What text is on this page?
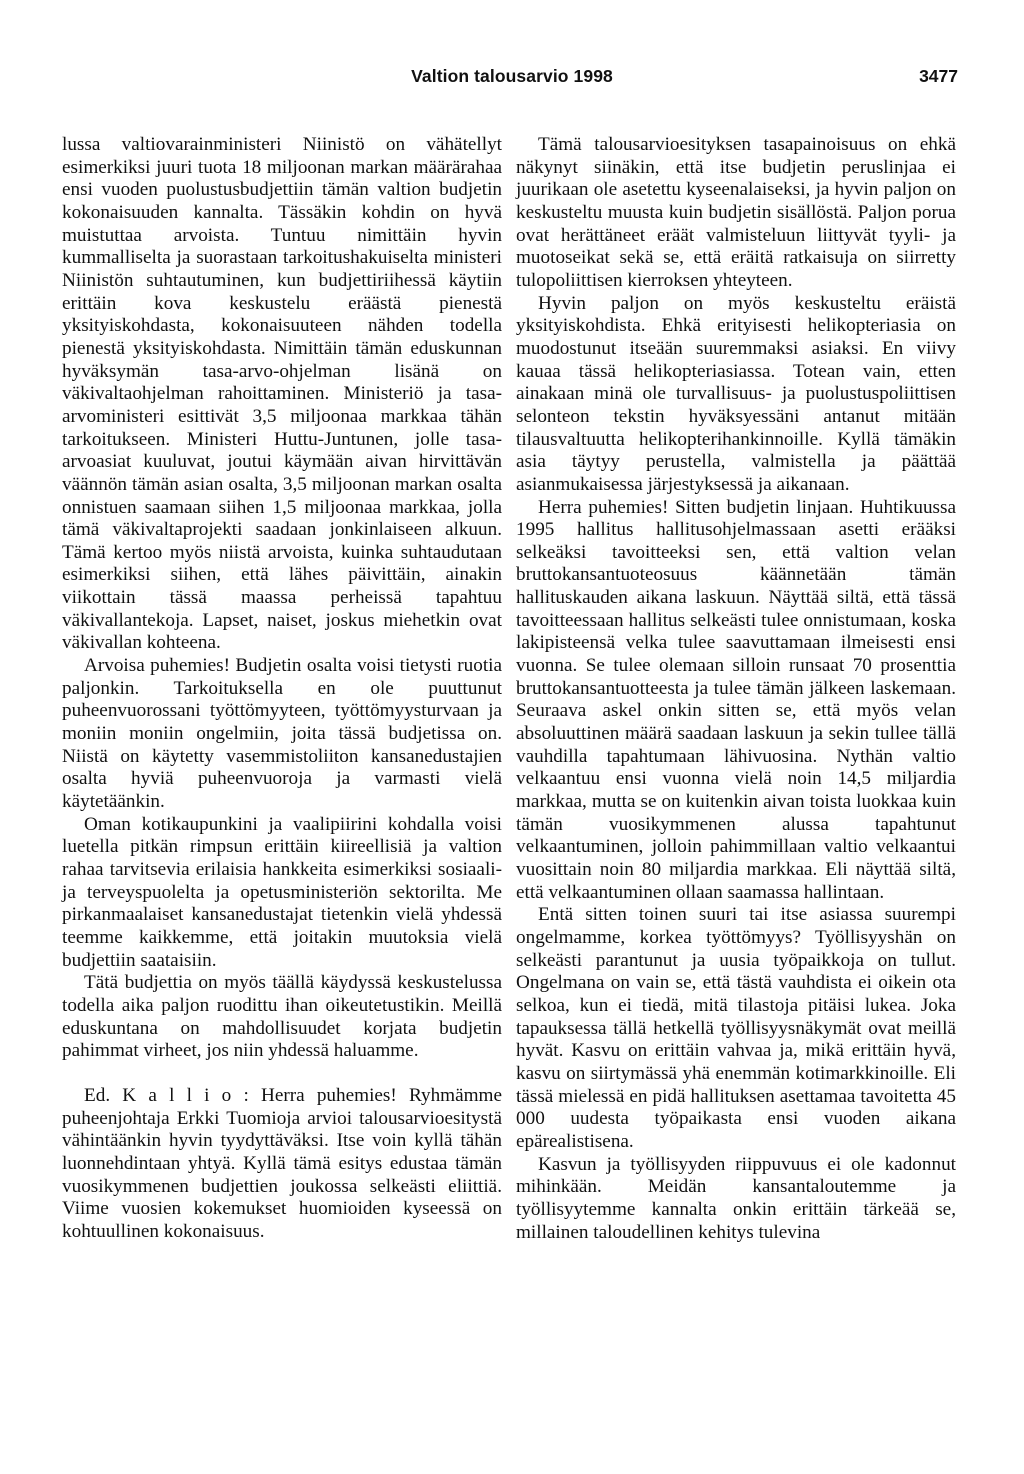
Valtion talousarvio 1998	3477

lussa valtiovarainministeri Niinistö on vähätellyt esimerkiksi juuri tuota 18 miljoonan markan määrärahaa ensi vuoden puolustusbudjettiin tämän valtion budjetin kokonaisuuden kannalta. Tässäkin kohdin on hyvä muistuttaa arvoista. Tuntuu nimittäin hyvin kummalliselta ja suorastaan tarkoitushakuiselta ministeri Niinistön suhtautuminen, kun budjettiriihessä käytiin erittäin kova keskustelu eräästä pienestä yksityiskohdasta, kokonaisuuteen nähden todella pienestä yksityiskohdasta. Nimittäin tämän eduskunnan hyväksymän tasa-arvo-ohjelman lisänä on väkivaltaohjelman rahoittaminen. Ministeriö ja tasa-arvoministeri esittivät 3,5 miljoonaa markkaa tähän tarkoitukseen. Ministeri Huttu-Juntunen, jolle tasa-arvoasiat kuuluvat, joutui käymään aivan hirvittävän väännön tämän asian osalta, 3,5 miljoonan markan osalta onnistuen saamaan siihen 1,5 miljoonaa markkaa, jolla tämä väkivaltaprojekti saadaan jonkinlaiseen alkuun. Tämä kertoo myös niistä arvoista, kuinka suhtaudutaan esimerkiksi siihen, että lähes päivittäin, ainakin viikottain tässä maassa perheissä tapahtuu väkivallantekoja. Lapset, naiset, joskus miehetkin ovat väkivallan kohteena.

Arvoisa puhemies! Budjetin osalta voisi tietysti ruotia paljonkin. Tarkoituksella en ole puuttunut puheenvuorossani työttömyyteen, työttömyysturvaan ja moniin moniin ongelmiin, joita tässä budjetissa on. Niistä on käytetty vasemmistoliiton kansanedustajien osalta hyviä puheenvuoroja ja varmasti vielä käytetäänkin.

Oman kotikaupunkini ja vaalipiirini kohdalla voisi luetella pitkän rimpsun erittäin kiireellisiä ja valtion rahaa tarvitsevia erilaisia hankkeita esimerkiksi sosiaali- ja terveyspuolelta ja opetusministeriön sektorilta. Me pirkanmaalaiset kansanedustajat tietenkin vielä yhdessä teemme kaikkemme, että joitakin muutoksia vielä budjettiin saataisiin.

Tätä budjettia on myös täällä käydyssä keskustelussa todella aika paljon ruodittu ihan oikeutetustikin. Meillä eduskuntana on mahdollisuudet korjata budjetin pahimmat virheet, jos niin yhdessä haluamme.

Ed. K a l l i o : Herra puhemies! Ryhmämme puheenjohtaja Erkki Tuomioja arvioi talousarvioesitystä vähintäänkin hyvin tyydyttäväksi. Itse voin kyllä tähän luonnehdintaan yhtyä. Kyllä tämä esitys edustaa tämän vuosikymmenen budjettien joukossa selkeästi eliittiä. Viime vuosien kokemukset huomioiden kyseessä on kohtuullinen kokonaisuus.

Tämä talousarvioesityksen tasapainoisuus on ehkä näkynyt siinäkin, että itse budjetin peruslinjaa ei juurikaan ole asetettu kyseenalaiseksi, ja hyvin paljon on keskusteltu muusta kuin budjetin sisällöstä. Paljon porua ovat herättäneet eräät valmisteluun liittyvät tyyli- ja muotoseikat sekä se, että eräitä ratkaisuja on siirretty tulopoliittisen kierroksen yhteyteen.

Hyvin paljon on myös keskusteltu eräistä yksityiskohdista. Ehkä erityisesti helikopteriasia on muodostunut itseään suuremmaksi asiaksi. En viivy kauaa tässä helikopteriasiassa. Totean vain, etten ainakaan minä ole turvallisuus- ja puolustuspoliittisen selonteon tekstin hyväksyessäni antanut mitään tilausvaltuutta helikopterihankinnoille. Kyllä tämäkin asia täytyy perustella, valmistella ja päättää asianmukaisessa järjestyksessä ja aikanaan.

Herra puhemies! Sitten budjetin linjaan. Huhtikuussa 1995 hallitus hallitusohjelmassaan asetti erääksi selkeäksi tavoitteeksi sen, että valtion velan bruttokansantuoteosuus käännetään tämän hallituskauden aikana laskuun. Näyttää siltä, että tässä tavoitteessaan hallitus selkeästi tulee onnistumaan, koska lakipisteensä velka tulee saavuttamaan ilmeisesti ensi vuonna. Se tulee olemaan silloin runsaat 70 prosenttia bruttokansantuotteesta ja tulee tämän jälkeen laskemaan. Seuraava askel onkin sitten se, että myös velan absoluuttinen määrä saadaan laskuun ja sekin tullee tällä vauhdilla tapahtumaan lähivuosina. Nythän valtio velkaantuu ensi vuonna vielä noin 14,5 miljardia markkaa, mutta se on kuitenkin aivan toista luokkaa kuin tämän vuosikymmenen alussa tapahtunut velkaantuminen, jolloin pahimmillaan valtio velkaantui vuosittain noin 80 miljardia markkaa. Eli näyttää siltä, että velkaantuminen ollaan saamassa hallintaan.

Entä sitten toinen suuri tai itse asiassa suurempi ongelmamme, korkea työttömyys? Työllisyyshän on selkeästi parantunut ja uusia työpaikkoja on tullut. Ongelmana on vain se, että tästä vauhdista ei oikein ota selkoa, kun ei tiedä, mitä tilastoja pitäisi lukea. Joka tapauksessa tällä hetkellä työllisyysnäkymät ovat meillä hyvät. Kasvu on erittäin vahvaa ja, mikä erittäin hyvä, kasvu on siirtymässä yhä enemmän kotimarkkinoille. Eli tässä mielessä en pidä hallituksen asettamaa tavoitetta 45 000 uudesta työpaikasta ensi vuoden aikana epärealistisena.

Kasvun ja työllisyyden riippuvuus ei ole kadonnut mihinkään. Meidän kansantaloutemme ja työllisyytemme kannalta onkin erittäin tärkeää se, millainen taloudellinen kehitys tulevina
